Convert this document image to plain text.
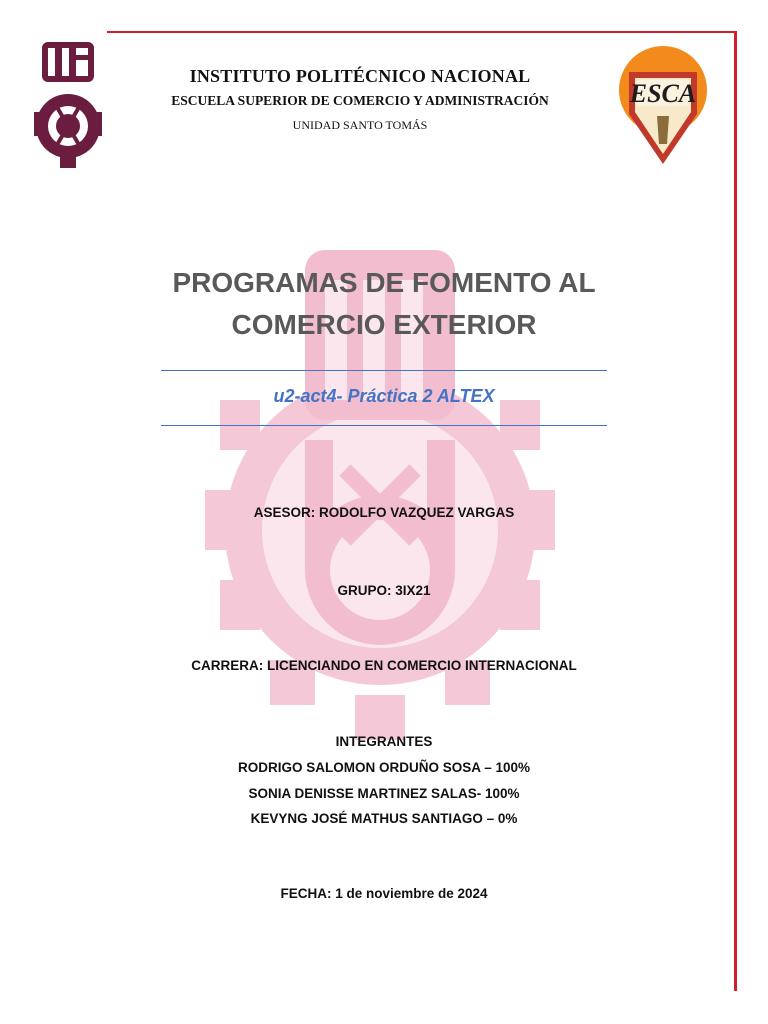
ESCA
INSTITUTO POLITÉCNICO NACIONAL
ESCUELA SUPERIOR DE COMERCIO Y ADMINISTRACIÓN
UNIDAD SANTO TOMÁS
PROGRAMAS DE FOMENTO AL
COMERCIO EXTERIOR
u2-act4- Práctica 2 ALTEX
ASESOR: RODOLFO VAZQUEZ VARGAS
GRUPO: 3IX21
CARRERA: LICENCIANDO EN COMERCIO INTERNACIONAL
INTEGRANTES
RODRIGO SALOMON ORDUÑO SOSA – 100%
SONIA DENISSE MARTINEZ SALAS- 100%
KEVYNG JOSÉ MATHUS SANTIAGO – 0%
FECHA: 1 de noviembre de 2024
